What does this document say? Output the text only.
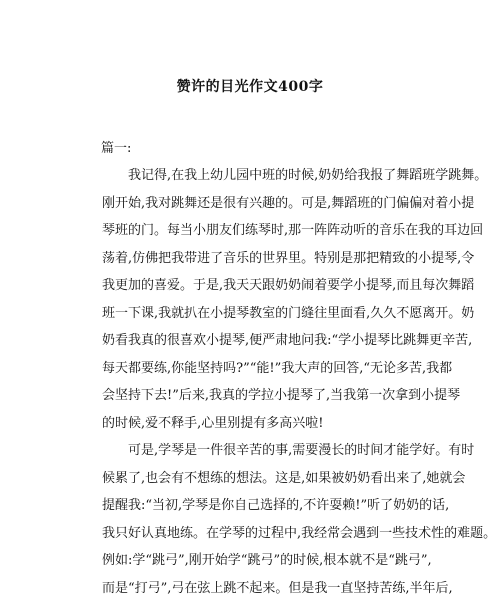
赞许的目光作文400字
篇一:

我记得,在我上幼儿园中班的时候,奶奶给我报了舞蹈班学跳舞。
刚开始,我对跳舞还是很有兴趣的。可是,舞蹈班的门偏偏对着小提
琴班的门。每当小朋友们练琴时,那一阵阵动听的音乐在我的耳边回
荡着,仿佛把我带进了音乐的世界里。特别是那把精致的小提琴,令
我更加的喜爱。于是,我天天跟奶奶闹着要学小提琴,而且每次舞蹈
班一下课,我就扒在小提琴教室的门缝往里面看,久久不愿离开。奶
奶看我真的很喜欢小提琴,便严肃地问我:“学小提琴比跳舞更辛苦,
每天都要练,你能坚持吗?”“能!”我大声的回答,“无论多苦,我都
会坚持下去!”后来,我真的学拉小提琴了,当我第一次拿到小提琴
的时候,爱不释手,心里别提有多高兴啦!

可是,学琴是一件很辛苦的事,需要漫长的时间才能学好。有时
候累了,也会有不想练的想法。这是,如果被奶奶看出来了,她就会
提醒我:“当初,学琴是你自己选择的,不许耍赖!”听了奶奶的话,
我只好认真地练。在学琴的过程中,我经常会遇到一些技术性的难题。
例如:学“跳弓”,刚开始学“跳弓”的时候,根本就不是“跳弓”,
而是“打弓”,弓在弦上跳不起来。但是我一直坚持苦练,半年后,
